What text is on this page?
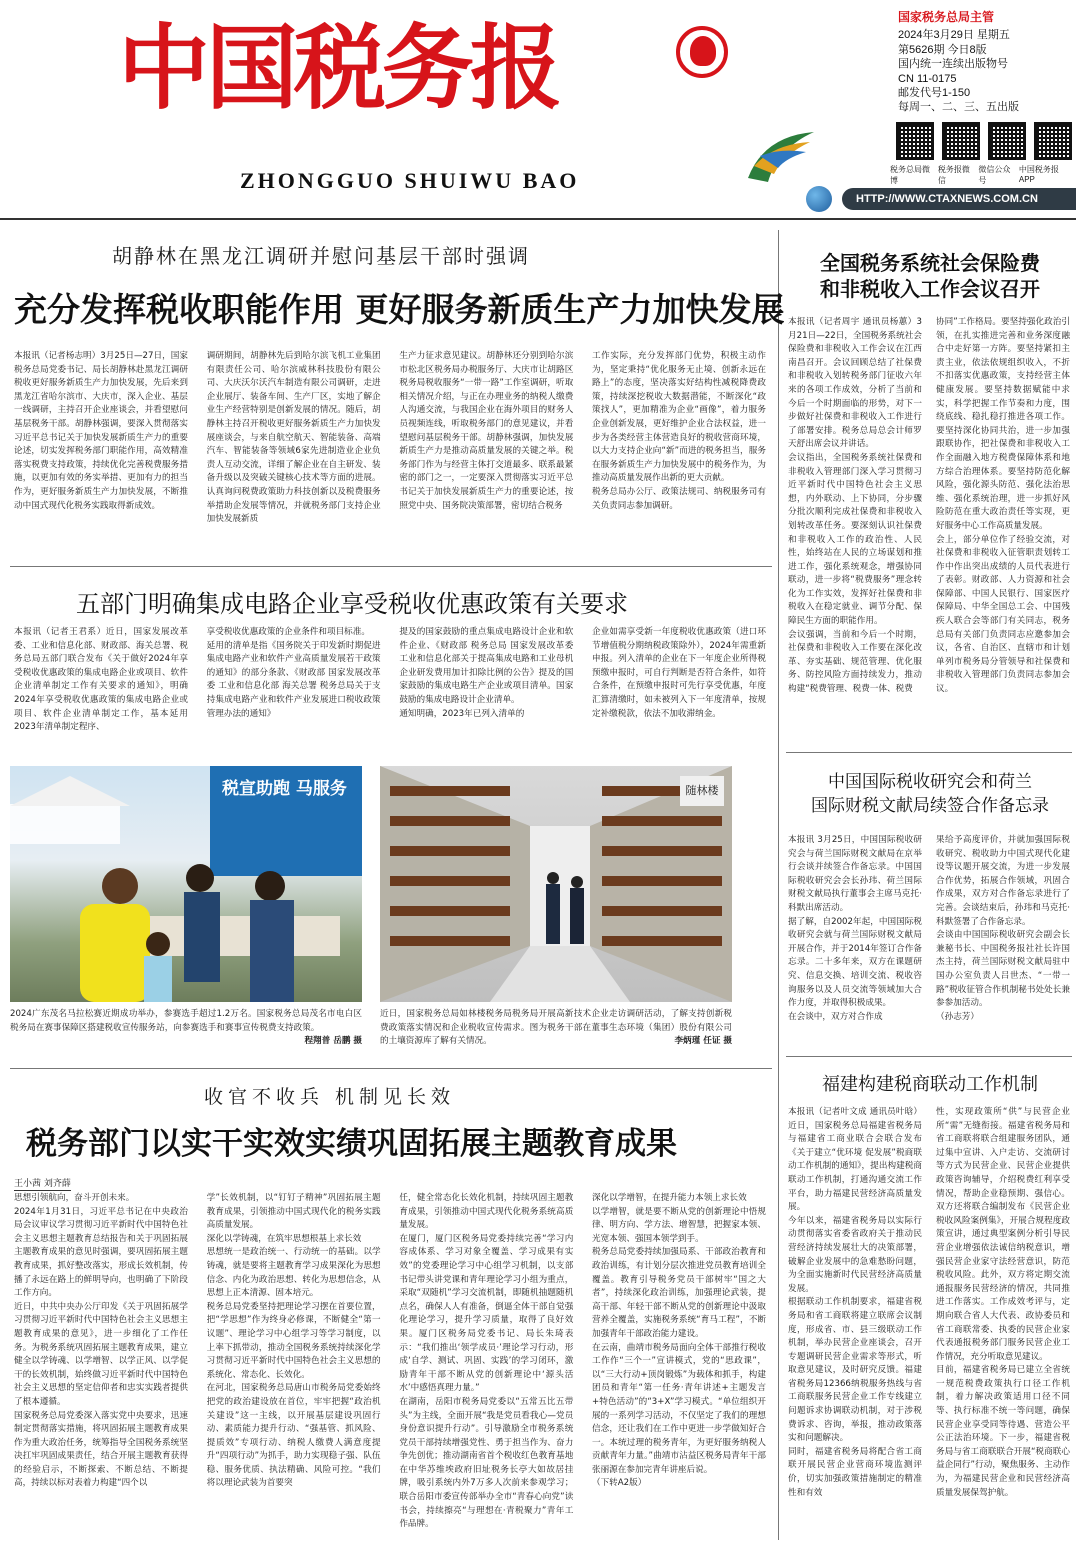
中国税务报
ZHONGGUO SHUIWU BAO
国家税务总局主管
2024年3月29日 星期五
第5626期 今日8版
国内统一连续出版物号
CN 11-0175
邮发代号1-150
每周一、二、三、五出版
税务总局微博
税务报微信
微信公众号
中国税务报APP
HTTP://WWW.CTAXNEWS.COM.CN
胡静林在黑龙江调研并慰问基层干部时强调
充分发挥税收职能作用 更好服务新质生产力加快发展
本报讯（记者杨志明）3月25日—27日，国家税务总局党委书记、局长胡静林赴黑龙江调研税收更好服务新质生产力加快发展，先后来到黑龙江省哈尔滨市、大庆市，深入企业、基层一线调研，主持召开企业座谈会，并看望慰问基层税务干部。胡静林强调，要深入贯彻落实习近平总书记关于加快发展新质生产力的重要论述，切实发挥税务部门职能作用，高效精准落实税费支持政策，持续优化完善税费服务措施，以更加有效的务实举措、更加有力的担当作为，更好服务新质生产力加快发展，不断推动中国式现代化税务实践取得新成效。
调研期间，胡静林先后到哈尔滨飞机工业集团有限责任公司、哈尔滨威林科技股份有限公司、大庆沃尔沃汽车制造有限公司调研，走进企业展厅、装备车间、生产厂区，实地了解企业生产经营特别是创新发展的情况。随后，胡静林主持召开税收更好服务新质生产力加快发展座谈会，与来自航空航天、智能装备、高端汽车、智能装备等领域6家先进制造业企业负责人互动交流，详细了解企业在自主研发、装备升级以及突破关键核心技术等方面的进展。认真询问税费政策助力科技创新以及税费服务举措助企发展等情况，并就税务部门支持企业加快发展新质
生产力征求意见建议。胡静林还分别到哈尔滨市松北区税务局办税服务厅、大庆市让胡路区税务局税收服务“一带一路”工作室调研，听取相关情况介绍，与正在办理业务的纳税人缴费人沟通交流，与我国企业在海外项目的财务人员视频连线，听取税务部门的意见建议，并看望慰问基层税务干部。胡静林强调，加快发展新质生产力是推动高质量发展的关键之举。税务部门作为与经营主体打交道最多、联系最紧密的部门之一，一定要深入贯彻落实习近平总书记关于加快发展新质生产力的重要论述，按照党中央、国务院决策部署，密切结合税务
工作实际，充分发挥部门优势，积极主动作为，坚定秉持“优化服务无止境、创新永远在路上”的态度，坚决落实好结构性减税降费政策，持续深挖税收大数据潜能，不断深化“政策找人”，更加精准为企业“画像”，着力服务企业创新发展，更好维护企业合法权益，进一步为各类经营主体营造良好的税收营商环境，以大力支持企业向“新”而进的税务担当，服务在服务新质生产力加快发展中的税务作为，为推动高质量发展作出新的更大贡献。
税务总局办公厅、政策法规司、纳税服务司有关负责同志参加调研。
五部门明确集成电路企业享受税收优惠政策有关要求
本报讯（记者王君系）近日，国家发展改革委、工业和信息化部、财政部、海关总署、税务总局五部门联合发布《关于做好2024年享受税收优惠政策的集成电路企业或项目、软件企业清单制定工作有关要求的通知》，明确2024年享受税收优惠政策的集成电路企业或项目、软件企业清单制定工作，基本延用2023年清单制定程序、
享受税收优惠政策的企业条件和项目标准。
延用的清单是指《国务院关于印发新时期促进集成电路产业和软件产业高质量发展若干政策的通知》的部分条款、《财政部 国家发展改革委 工业和信息化部 海关总署 税务总局关于支持集成电路产业和软件产业发展进口税收政策管理办法的通知》
提及的国家鼓励的重点集成电路设计企业和软件企业、《财政部 税务总局 国家发展改革委 工业和信息化部关于提高集成电路和工业母机企业研发费用加计扣除比例的公告》提及的国家鼓励的集成电路生产企业或项目清单。国家鼓励的集成电路设计企业清单。
通知明确，2023年已列入清单的
企业如需享受新一年度税收优惠政策（进口环节增值税分期纳税政策除外），2024年需重新申报。列入清单的企业在下一年度企业所得税预缴申报时，可自行判断是否符合条件，如符合条件，在预缴申报时可先行享受优惠，年度汇算清缴时，如未被列入下一年度清单，按规定补缴税款，依法不加收滞纳金。
税宣助跑 马服务
2024广东茂名马拉松赛近期成功举办，参赛选手超过1.2万名。国家税务总局茂名市电白区税务局在赛事保障区搭建税收宣传服务站，向参赛选手和赛事宣传税费支持政策。
程翔普 岳鹏 摄
随林楼
近日，国家税务总局如林楼税务局税务局开展高新技术企业走访调研活动，了解支持创新税费政策落实情况和企业税收宣传需求。图为税务干部在董事生态环境（集团）股份有限公司的土壤资源库了解有关情况。	李炳瑾 任证 摄
收官不收兵 机制见长效
税务部门以实干实效实绩巩固拓展主题教育成果
王小茜 刘齐薛
思想引领航向，奋斗开创未来。
2024年1月31日，习近平总书记在中央政治局会议审议学习贯彻习近平新时代中国特色社会主义思想主题教育总结报告和关于巩固拓展主题教育成果的意见时强调，要巩固拓展主题教育成果，抓好整改落实，形成长效机制，传播了永远在路上的鲜明导向，也明确了下阶段工作方向。
近日，中共中央办公厅印发《关于巩固拓展学习贯彻习近平新时代中国特色社会主义思想主题教育成果的意见》，进一步细化了工作任务。为税务系统巩固拓展主题教育成果，建立健全以学铸魂、以学增智、以学正风、以学促干的长效机制，始终做习近平新时代中国特色社会主义思想的坚定信仰者和忠实实践者提供了根本遵循。
国家税务总局党委深入落实党中央要求，迅速制定贯彻落实措施，将巩固拓展主题教育成果作为重大政治任务，统筹指导全国税务系统坚决扛牢巩固成果责任，结合开展主题教育获得的经验启示，不断探索、不断总结、不断提高，持续以标对表着力构建“四个以
学”长效机制，以“钉钉子精神”巩固拓展主题教育成果，引领推动中国式现代化的税务实践高质量发展。
深化以学铸魂，在筑牢思想根基上求长效
思想统一是政治统一、行动统一的基础。以学铸魂，就是要将主题教育学习成果深化为思想信念、内化为政治思想、转化为思想信念，从思想上正本清源、固本培元。
税务总局党委坚持把理论学习摆在首要位置，把“学思想”作为终身必修课，不断健全“第一议题”、理论学习中心组学习等学习制度，以上率下抓带动，推动全国税务系统持续深化学习贯彻习近平新时代中国特色社会主义思想的系统化、常态化、长效化。
在河北，国家税务总局唐山市税务局党委始终把党的政治建设放在首位，牢牢把握“政治机关建设”这一主线，以开展基层建设巩固行动、素质能力提升行动、“强基管、抓风险、提质效”专项行动、纳税人缴费人满意度提升“四项行动”为抓手，助力实现稳子强、队伍稳、服务优质、执法精确、风险可控。“我们将以理论武装为首要突
任，健全常态化长效化机制，持续巩固主题教育成果，引领推动中国式现代化税务系统高质量发展。
在厦门，厦门区税务局党委持续完善“学习内容成体系、学习对象全覆盖、学习成果有实效”的党委理论学习中心组学习机制，以支部书记带头讲党课和青年理论学习小组为重点，采取“双随机”学习交流机制，即随机抽题随机点名，确保人人有准备，倒逼全体干部自觉强化理论学习，提升学习质量，取得了良好效果。厦门区税务局党委书记、局长朱琦表示：“我们推出‘领学成员·’理论学习行动，形成‘自学、测试、巩固、实践’的学习闭环，激励青年干部不断从党的创新理论中‘源头活水’中感悟真理力量。”
在湖南，岳阳市税务局党委以“五常五比五带头”为主线，全面开展“我是党员看我心—党员身份意识提升行动”。引导激励全市税务系统党员干部持续增强党性、勇于担当作为、奋力争先创优；推动湖南省首个税收红色教育基地在中华苏维埃政府旧址税务长亭大如故居挂牌，吸引系统内外7万多人次前来参观学习；联合岳阳市委宣传部举办全市“青春心向党”读书会，持续擦亮“与理想在·青税聚力”青年工作品牌。
深化以学增智，在提升能力本领上求长效
以学增智，就是要不断从党的创新理论中悟规律、明方向、学方法、增智慧，把握家本领、光宽本领、强国本领学到手。
税务总局党委持续加强局系、干部政治教育和政治训练，有计划分层次推进党员教育培训全覆盖。教育引导税务党员干部树牢“国之大者”，持续深化政治训练，加强理论武装，提高干部、年轻干部不断从党的创新理论中汲取营养全覆盖，实施税务系统“育马工程”，不断加强青年干部政治能力建设。
在云南，曲靖市税务局面向全体干部推行税收工作作“三个一”宣讲模式，党的“思政课”，以“三大行动+顶岗锻炼”为载体和抓手，构建团员和青年“第一任务·青年讲述+主题发言+特色活动”的“3+X”学习模式。“单位组织开展的一系列学习活动，不仅坚定了我们的理想信念，还让我们在工作中更进一步学做知好合一。本统过理的税务青年，为更好服务纳税人贡献青年力量。”曲靖市沾益区税务局青年干部张丽源在参加完青年讲座后说。
（下转A2版）
全国税务系统社会保险费
和非税收入工作会议召开
本报讯（记者周宇 通讯员杨蕙）3月21日—22日，全国税务系统社会保险费和非税收入工作会议在江西南昌召开。会议回顾总结了社保费和非税收入划转税务部门征收六年来的各项工作成效，分析了当前和今后一个时期面临的形势，对下一步做好社保费和非税收入工作进行了部署安排。税务总局总会计师罗天舒出席会议并讲话。
会议指出，全国税务系统社保费和非税收入管理部门深入学习贯彻习近平新时代中国特色社会主义思想，内外联动、上下协同，分步骤分批次顺利完成社保费和非税收入划转改革任务。要深刻认识社保费和非税收入工作的政治性、人民性，始终站在人民的立场谋划和推进工作，强化系统观念，增强协同联动，进一步将“税费服务”理念转化为工作实效，发挥好社保费和非税收入在稳定就业、调节分配、保障民生方面的职能作用。
会议强调，当前和今后一个时期，社保费和非税收入工作要在深化改革、夯实基础、规范管理、优化服务、防控风险方面持续发力，推动构建“税费管理、税费一体、税费
协同”工作格局。要坚持强化政治引领，在扎实推进完善和业务深度融合中走好第一方阵。要坚持紧扣主责主业，依法依规组织收入，不折不扣落实优惠政策，支持经营主体健康发展。要坚持数据赋能中求实，科学把握工作节奏和力度，围绕底线、稳扎稳打推进各项工作。要坚持深化协同共治，进一步加强跟联协作，把社保费和非税收入工作全面融入地方税费保障体系和地方综合治理体系。要坚持防范化解风险，强化源头防范、强化法治思维、强化系统治理，进一步抓好风险防范在重大政治责任等实现，更好服务中心工作高质量发展。
会上，部分单位作了经验交流，对社保费和非税收入征管职责划转工作中作出突出成绩的人员代表进行了表彰。财政部、人力资源和社会保障部、中国人民银行、国家医疗保障局、中华全国总工会、中国残疾人联合会等部门有关同志，税务总局有关部门负责同志应邀参加会议，各省、自治区、直辖市和计划单列市税务局分管领导和社保费和非税收入管理部门负责同志参加会议。
中国国际税收研究会和荷兰
国际财税文献局续签合作备忘录
本报讯 3月25日，中国国际税收研究会与荷兰国际财税文献局在京举行会谈并续签合作备忘录。中国国际税收研究会会长孙玮、荷兰国际财税文献局执行董事会主席马克托·科默出席活动。
据了解，自2002年起，中国国际税收研究会就与荷兰国际财税文献局开展合作，并于2014年签订合作备忘录。二十多年来，双方在课题研究、信息交换、培训交流、税收咨询服务以及人员交流等领域加大合作力度，并取得积极成果。
在会谈中，双方对合作成
果给予高度评价，并就加强国际税收研究、税收助力中国式现代化建设等议题开展交流，为进一步发展合作优势，拓展合作领域，巩固合作成果，双方对合作备忘录进行了完善。会谈结束后，孙玮和马克托·科默签署了合作备忘录。
会谈由中国国际税收研究会副会长兼秘书长、中国税务报社社长许国杰主持，荷兰国际财税文献局驻中国办公室负责人吕世杰、“一带一路”税收征管合作机制秘书处处长兼参参加活动。
（孙志芳）
福建构建税商联动工作机制
本报讯（记者叶文成 通讯员叶晗）近日，国家税务总局福建省税务局与福建省工商业联合会联合发布《关于建立“优环境 促发展”税商联动工作机制的通知》，提出构建税商联动工作机制，打通沟通交流工作平台，助力福建民营经济高质量发展。
今年以来，福建省税务局以实际行动贯彻落实省委省政府关于推动民营经济持续发展壮大的决策部署，破解企业发展中的急难愁盼问题，为全面实施新时代民营经济高质量发展。
根据联动工作机制要求，福建省税务局和省工商联将建立联席会议制度，形成省、市、县三级联动工作机制，举办民营企业座谈会，召开专题调研民营企业需求等形式，听取意见建议，及时研究反馈。福建省税务局12366纳税服务热线与省工商联服务民营企业工作专线建立问题诉求协调联动机制，对于涉税费诉求、咨询，举报，推动政策落实和问题解决。
同时，福建省税务局将配合省工商联开展民营企业营商环境监测评价，切实加强政策措施制定的精准性和有效
性，实现政策所“供”与民营企业所“需”无缝衔接。福建省税务局和省工商联将联合组建服务团队，通过集中宣讲、入户走访、交流研讨等方式为民营企业、民营企业提供政策咨询辅导，介绍税费红利享受情况，帮助企业稳预期、强信心。双方还将联合编制发布《民营企业税收风险案例集》，开展合规程度政策宣讲，通过典型案例分析引导民营企业增强依法诚信纳税意识，增强民营企业家守法经营意识，防范税收风险。此外，双方将定期交流通报服务民营经济的情况，共同推进工作落实。工作成效考评与，定期向联合省人大代表、政协委员和省工商联常委、执委的民营企业家代表通报税务部门服务民营企业工作情况，充分听取意见建议。
目前，福建省税务局已建立全省统一规范税费政策执行口径工作机制，着力解决政策适用口径不同等、执行标准不统一等问题，确保民营企业享受同等待遇、营造公平公正法治环境。下一步，福建省税务局与省工商联联合开展“税商联心益企同行”行动，聚焦服务、主动作为，为福建民营企业和民营经济高质量发展保驾护航。
